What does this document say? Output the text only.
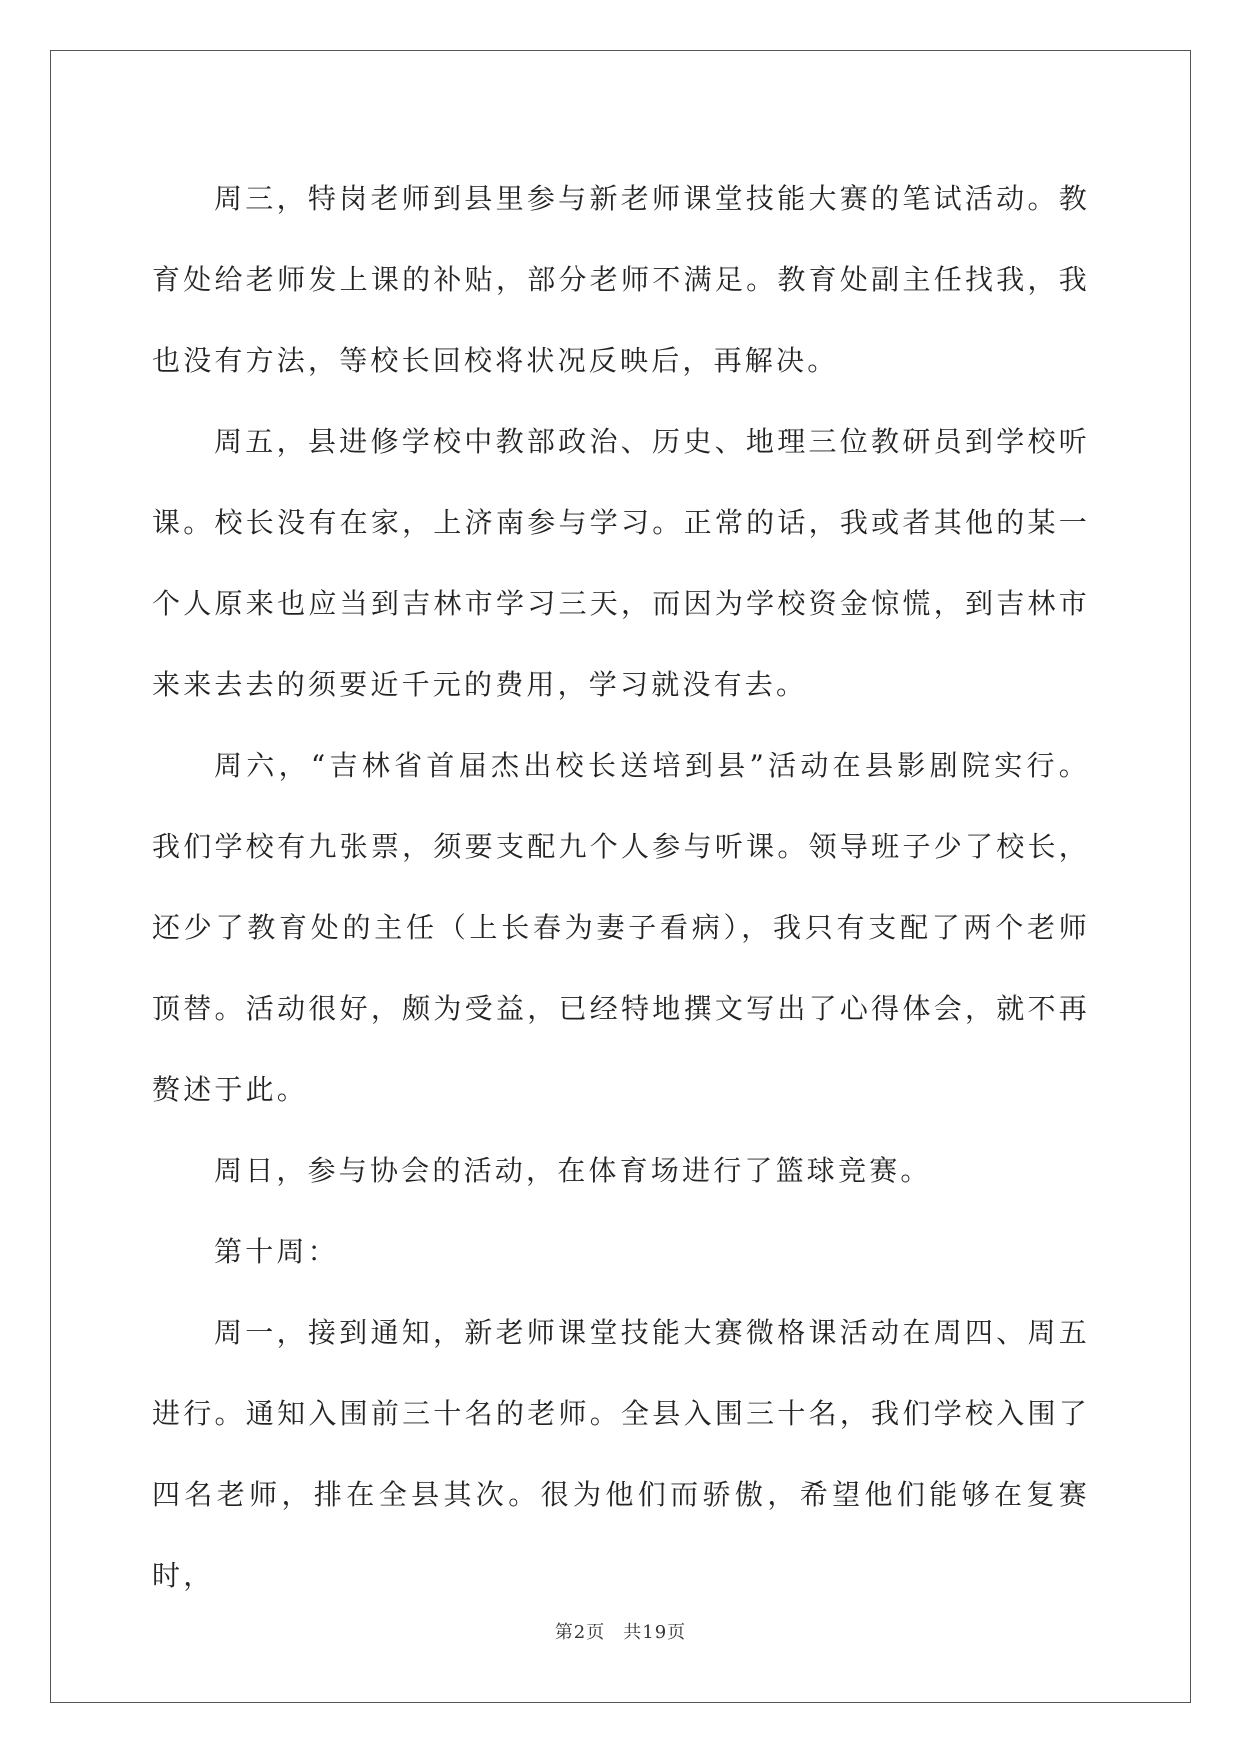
周三，特岗老师到县里参与新老师课堂技能大赛的笔试活动。教育处给老师发上课的补贴，部分老师不满足。教育处副主任找我，我也没有方法，等校长回校将状况反映后，再解决。

周五，县进修学校中教部政治、历史、地理三位教研员到学校听课。校长没有在家，上济南参与学习。正常的话，我或者其他的某一个人原来也应当到吉林市学习三天，而因为学校资金惊慌，到吉林市来来去去的须要近千元的费用，学习就没有去。

周六，“吉林省首届杰出校长送培到县”活动在县影剧院实行。我们学校有九张票，须要支配九个人参与听课。领导班子少了校长，还少了教育处的主任（上长春为妻子看病），我只有支配了两个老师顶替。活动很好，颇为受益，已经特地撰文写出了心得体会，就不再赘述于此。

周日，参与协会的活动，在体育场进行了篮球竞赛。

第十周：

周一，接到通知，新老师课堂技能大赛微格课活动在周四、周五进行。通知入围前三十名的老师。全县入围三十名，我们学校入围了四名老师，排在全县其次。很为他们而骄傲，希望他们能够在复赛时，

第2页 共19页
